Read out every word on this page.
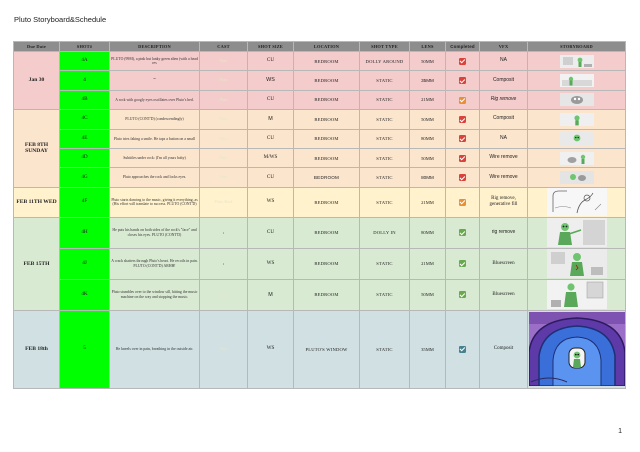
Pluto Storyboard&Schedule
Due Date	SHOT#	DESCRIPTION	CAST	SHOT SIZE	LOCATION	SHOT TYPE	LENS	Completed	VFX	STORYBOARD
Jan 30	4A	PLUTO (99M), a pink but lanky green alien (with a head res	Pluto	CU	BEDROOM	DOLLY AROUND	50MM		NA	

	4	""	Pluto	WS	BEDROOM	STATIC	35MM		Composit	

	4B	A rock with googly eyes oscillates over Pluto's bed.	Pluto	CU	BEDROOM	STATIC	21MM		Rig remove	

FEB 8TH SUNDAY	4C	PLUTO (CONT'D) (condescendingly)	Pluto	M	BEDROOM	STATIC	50MM		Composit	

	4E	Pluto tries faking a smile. He taps a button on a small	Pluto	CU	BEDROOM	STATIC	80MM		NA	

	4D	Subtitles under rock: (I'm all yours baby)	Pluto	M/WS	BEDROOM	STATIC	50MM		Wire remove	

	4G	Pluto approaches the rock and locks eyes.	Pluto	CU	BEDROOM	STATIC	80MM		Wire remove	

FEB 11TH WED	4F	Pluto starts dancing to the music, giving it everything, as (His effort will translate to success. PLUTO (CONT'D)	Pluto, Rock	WS	BEDROOM	STATIC	21MM		Rig remove, generative fill	

FEB 15TH	4H	He puts his hands on both sides of the rock's "face" and closes his eyes. PLUTO (CONT'D)	,	CU	BEDROOM	DOLLY IN	80MM		rig remove	

	4J	A crack shatters through Pluto's heart. He recoils in pain. PLUTO (CONT'D) ARHH!	,	WS	BEDROOM	STATIC	21MM		Bluescreen	

	4K	Pluto stumbles over to the window sill, hitting the music machine on the way and stopping the music.	Pluto	M	BEDROOM	STATIC	50MM		Bluescreen	

FEB 18th	5	He kneels over in pain, breathing in the outside air.	Pluto	WS	PLUTO'S WINDOW	STATIC	35MM		Composit	
1
